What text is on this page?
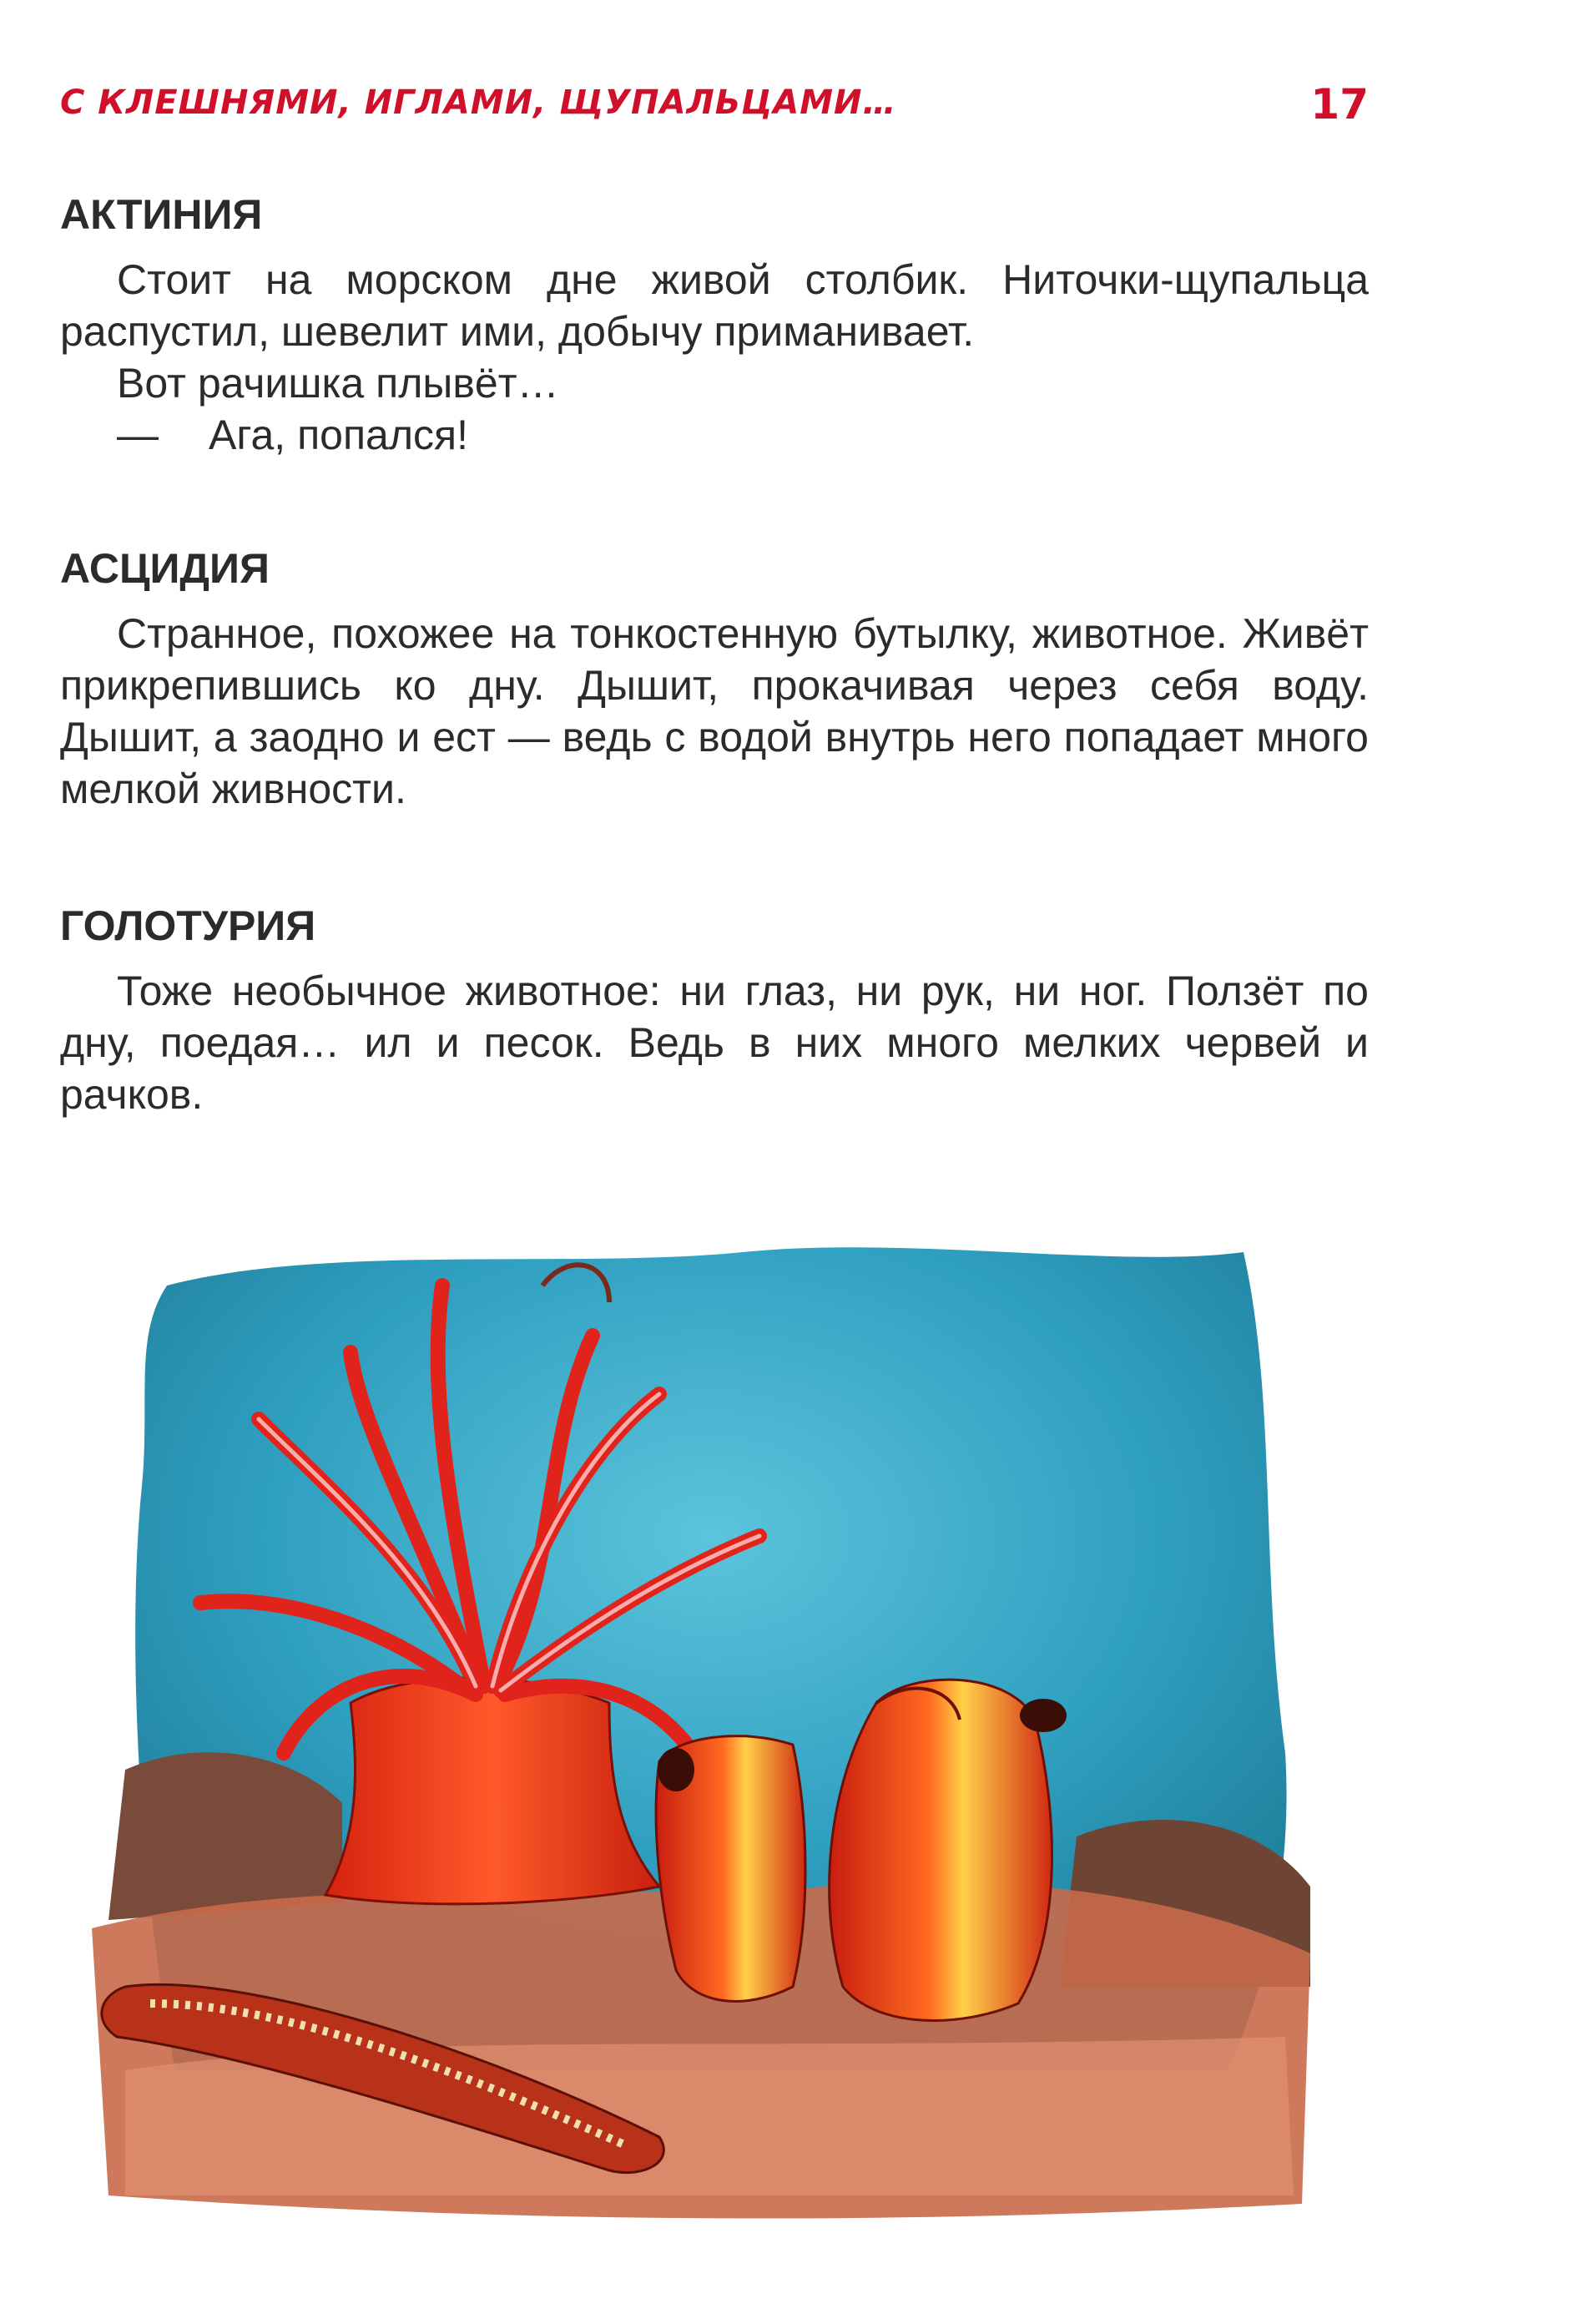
С КЛЕШНЯМИ, ИГЛАМИ, ЩУПАЛЬЦАМИ…	17
АКТИНИЯ

Стоит на морском дне живой столбик. Ниточки-щупальца распустил, шевелит ими, добычу приманивает.

Вот рачишка плывёт…

—	Ага, попался!

АСЦИДИЯ

Странное, похожее на тонкостенную бутылку, животное. Живёт прикрепившись ко дну. Дышит, прокачивая через себя воду. Дышит, а заодно и ест — ведь с водой внутрь него попадает много мелкой живности.

ГОЛОТУРИЯ

Тоже необычное животное: ни глаз, ни рук, ни ног. Ползёт по дну, поедая… ил и песок. Ведь в них много мелких червей и рачков.
